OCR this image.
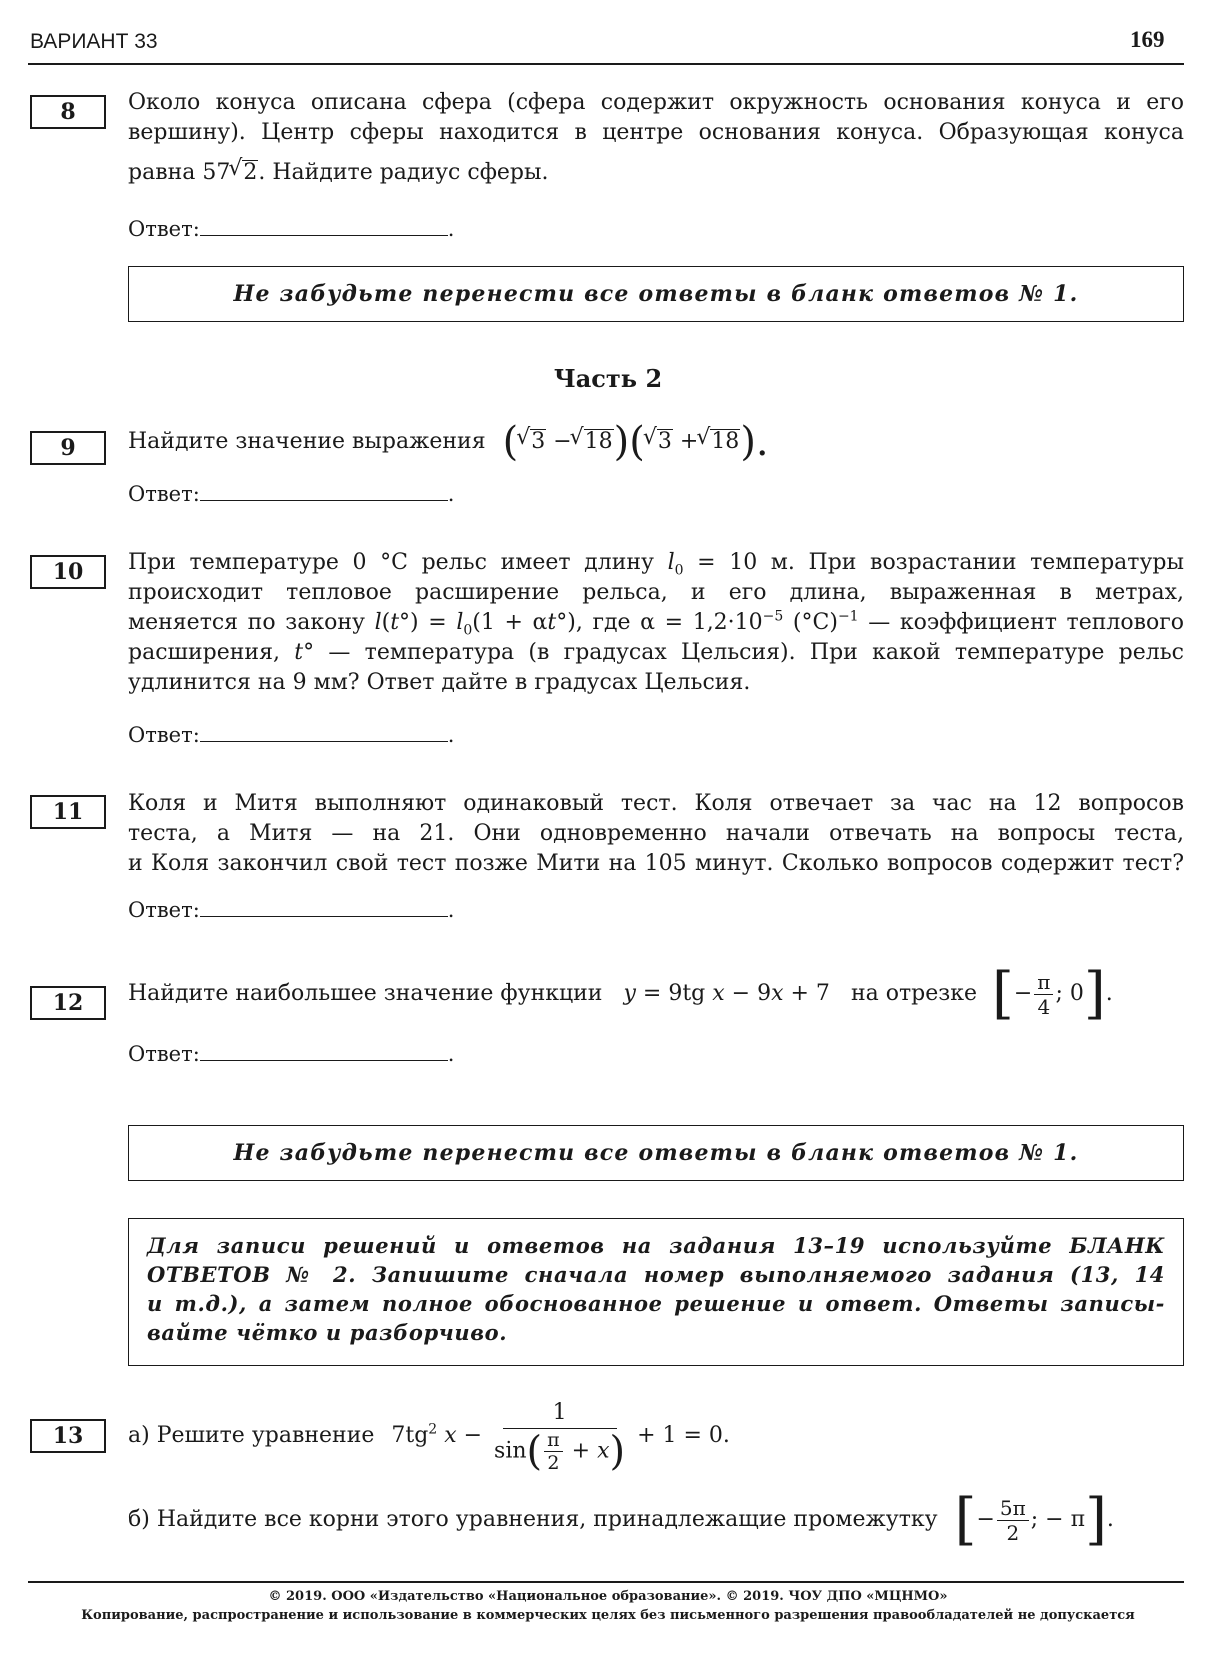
ВАРИАНТ 33	169
8 Около конуса описана сфера (сфера содержит окружность основания конуса и его
вершину). Центр сферы находится в центре основания конуса. Образующая конуса
равна 57 √ 2. Найдите радиус сферы.
Ответ:	.
Не забудьте перенести все ответы в бланк ответов № 1.
Часть 2
9 Найдите значение выражения ( √ 3 − √ 18)( √ 3 + √ 18).
Ответ:	.
10 При температуре 0 °C рельс имеет длину $l_0 = 10$ м. При возрастании температуры
происходит тепловое расширение рельса, и его длина, выраженная в метрах,
меняется по закону $l(t^\circ) = l_0(1 + \alpha t^\circ)$, где $\alpha = 1,2\cdot 10^{-5}$ $(^\circ C)^{-1}$ — коэффициент теплового
расширения, t° — температура (в градусах Цельсия). При какой температуре рельс
удлинится на 9 мм? Ответ дайте в градусах Цельсия.
Ответ:	.
11 Коля и Митя выполняют одинаковый тест. Коля отвечает за час на 12 вопросов
теста, а Митя — на 21. Они одновременно начали отвечать на вопросы теста,
и Коля закончил свой тест позже Мити на 105 минут. Сколько вопросов содержит тест?
Ответ:	.
12 Найдите наибольшее значение функции y = 9tg x − 9x + 7 на отрезке [− $\frac{\pi}{4}$ ; 0].
Ответ:	.
Не забудьте перенести все ответы в бланк ответов № 1.
Для записи решений и ответов на задания 13–19 используйте БЛАНК
ОТВЕТОВ № 2. Запишите сначала номер выполняемого задания (13, 14
и т.д.), а затем полное обоснованное решение и ответ. Ответы записы-
вайте чётко и разборчиво.
13 а) Решите уравнение $7tg^2$ $x - \frac{1}{\sin( \frac{\pi}{2} + x)} + 1 = 0$.
б) Найдите все корни этого уравнения, принадлежащие промежутку [− $\frac{5\pi}{2}$ ; − π].
© 2019. ООО «Издательство «Национальное образование». © 2019. ЧОУ ДПО «МЦНМО»
Копирование, распространение и использование в коммерческих целях без письменного разрешения правообладателей не допускается
